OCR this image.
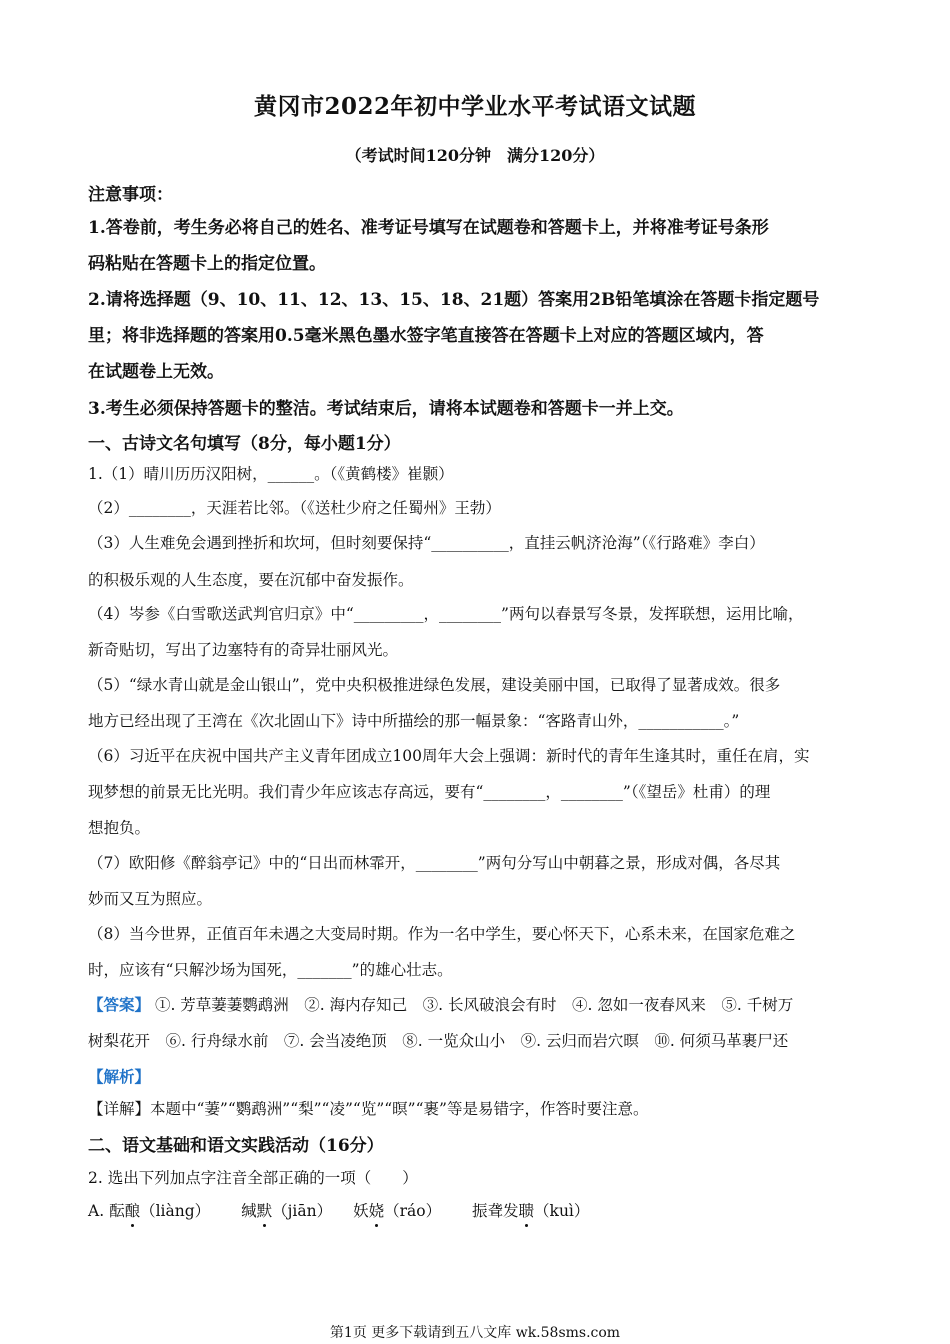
黄冈市2022年初中学业水平考试语文试题
（考试时间120分钟　满分120分）
注意事项：
1.答卷前，考生务必将自己的姓名、准考证号填写在试题卷和答题卡上，并将准考证号条形
码粘贴在答题卡上的指定位置。
2.请将选择题（9、10、11、12、13、15、18、21题）答案用2B铅笔填涂在答题卡指定题号
里；将非选择题的答案用0.5毫米黑色墨水签字笔直接答在答题卡上对应的答题区域内，答
在试题卷上无效。
3.考生必须保持答题卡的整洁。考试结束后，请将本试题卷和答题卡一并上交。
一、古诗文名句填写（8分，每小题1分）
1.（1）晴川历历汉阳树，______。（《黄鹤楼》崔颢）
（2）________，天涯若比邻。（《送杜少府之任蜀州》王勃）
（3）人生难免会遇到挫折和坎坷，但时刻要保持“__________，直挂云帆济沧海”（《行路难》李白）
的积极乐观的人生态度，要在沉郁中奋发振作。
（4）岑参《白雪歌送武判官归京》中“_________，________”两句以春景写冬景，发挥联想，运用比喻，
新奇贴切，写出了边塞特有的奇异壮丽风光。
（5）“绿水青山就是金山银山”，党中央积极推进绿色发展，建设美丽中国，已取得了显著成效。很多
地方已经出现了王湾在《次北固山下》诗中所描绘的那一幅景象：“客路青山外，___________。”
（6）习近平在庆祝中国共产主义青年团成立100周年大会上强调：新时代的青年生逢其时，重任在肩，实
现梦想的前景无比光明。我们青少年应该志存高远，要有“________，________”（《望岳》杜甫）的理
想抱负。
（7）欧阳修《醉翁亭记》中的“日出而林霏开，________”两句分写山中朝暮之景，形成对偶，各尽其
妙而又互为照应。
（8）当今世界，正值百年未遇之大变局时期。作为一名中学生，要心怀天下，心系未来，在国家危难之
时，应该有“只解沙场为国死，_______”的雄心壮志。
【答案】 ①. 芳草萋萋鹦鹉洲　②. 海内存知己　③. 长风破浪会有时　④. 忽如一夜春风来　⑤. 千树万
树梨花开　⑥. 行舟绿水前　⑦. 会当凌绝顶　⑧. 一览众山小　⑨. 云归而岩穴暝　⑩. 何须马革裹尸还
【解析】
【详解】本题中“萋”“鹦鹉洲”“梨”“凌”“览”“暝”“裹”等是易错字，作答时要注意。
二、语文基础和语文实践活动（16分）
2. 选出下列加点字注音全部正确的一项（　　）
A. 酝酿（liàng） 缄默（jiān） 妖娆（ráo） 振聋发聩（kuì）
第1页 更多下载请到五八文库 wk.58sms.com
